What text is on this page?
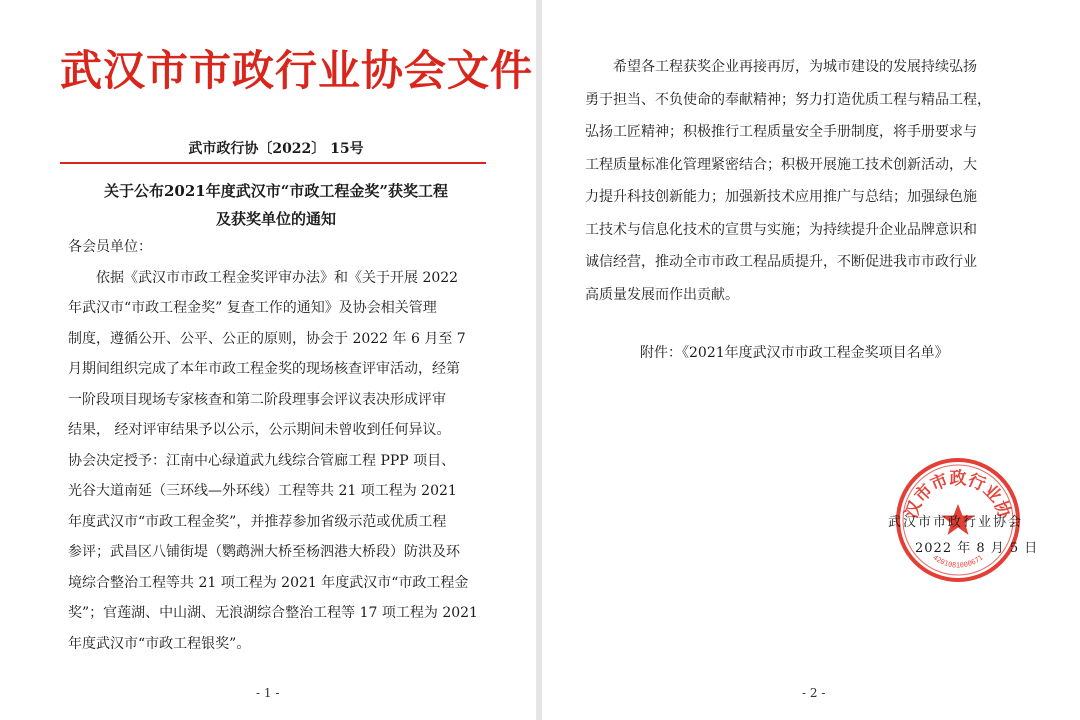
武汉市市政行业协会文件
武市政行协〔2022〕 15号
关于公布2021年度武汉市“市政工程金奖”获奖工程
及获奖单位的通知
各会员单位：
　　依据《武汉市市政工程金奖评审办法》和《关于开展 2022
年武汉市“市政工程金奖” 复查工作的通知》及协会相关管理
制度，遵循公开、公平、公正的原则，协会于 2022 年 6 月至 7
月期间组织完成了本年市政工程金奖的现场核查评审活动，经第
一阶段项目现场专家核查和第二阶段理事会评议表决形成评审
结果， 经对评审结果予以公示，公示期间未曾收到任何异议。
协会决定授予：江南中心绿道武九线综合管廊工程 PPP 项目、
光谷大道南延（三环线—外环线）工程等共 21 项工程为 2021
年度武汉市“市政工程金奖”，并推荐参加省级示范或优质工程
参评；武昌区八铺街堤（鹦鹉洲大桥至杨泗港大桥段）防洪及环
境综合整治工程等共 21 项工程为 2021 年度武汉市“市政工程金
奖”；官莲湖、中山湖、无浪湖综合整治工程等 17 项工程为 2021
年度武汉市“市政工程银奖”。
- 1 -
　　希望各工程获奖企业再接再厉，为城市建设的发展持续弘扬
勇于担当、不负使命的奉献精神；努力打造优质工程与精品工程，
弘扬工匠精神；积极推行工程质量安全手册制度，将手册要求与
工程质量标准化管理紧密结合；积极开展施工技术创新活动，大
力提升科技创新能力；加强新技术应用推广与总结；加强绿色施
工技术与信息化技术的宣贯与实施；为持续提升企业品牌意识和
诚信经营，推动全市市政工程品质提升，不断促进我市市政行业
高质量发展而作出贡献。
附件：《2021年度武汉市市政工程金奖项目名单》
汉市市政行业协
4201081000671
武汉市市政行业协会
2022 年 8 月 5 日
- 2 -
